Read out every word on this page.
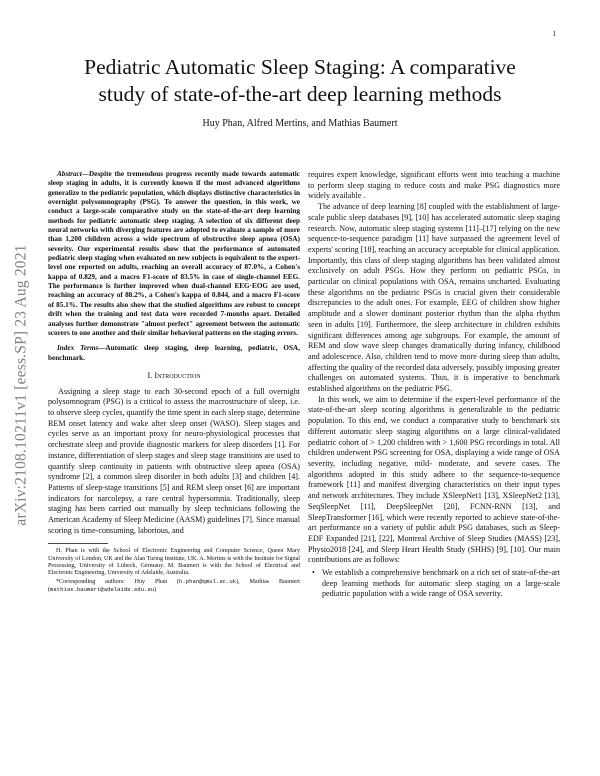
1
arXiv:2108.10211v1 [eess.SP] 23 Aug 2021
Pediatric Automatic Sleep Staging: A comparative
study of state-of-the-art deep learning methods
Huy Phan, Alfred Mertins, and Mathias Baumert

Abstract—Despite the tremendous progress recently made towards automatic sleep staging in adults, it is currently known if the most advanced algorithms generalize to the pediatric population, which displays distinctive characteristics in overnight polysomnography (PSG). To answer the question, in this work, we conduct a large-scale comparative study on the state-of-the-art deep learning methods for pediatric automatic sleep staging. A selection of six different deep neural networks with diverging features are adopted to evaluate a sample of more than 1,200 children across a wide spectrum of obstructive sleep apnea (OSA) severity. Our experimental results show that the performance of automated pediatric sleep staging when evaluated on new subjects is equivalent to the expert-level one reported on adults, reaching an overall accuracy of 87.0%, a Cohen's kappa of 0.829, and a macro F1-score of 83.5% in case of single-channel EEG. The performance is further improved when dual-channel EEG·EOG are used, reaching an accuracy of 88.2%, a Cohen's kappa of 0.844, and a macro F1-score of 85.1%. The results also show that the studied algorithms are robust to concept drift when the training and test data were recorded 7-months apart. Detailed analyses further demonstrate "almost perfect" agreement between the automatic scorers to one another and their similar behavioral patterns on the staging errors.

Index Terms—Automatic sleep staging, deep learning, pediatric, OSA, benchmark.

I. Introduction

Assigning a sleep stage to each 30-second epoch of a full overnight polysomnogram (PSG) is a critical to assess the macrostructure of sleep, i.e. to observe sleep cycles, quantify the time spent in each sleep stage, determine REM onset latency and wake after sleep onset (WASO). Sleep stages and cycles serve as an important proxy for neuro-physiological processes that orchestrate sleep and provide diagnostic markers for sleep disorders [1]. For instance, differentiation of sleep stages and sleep stage transitions are used to quantify sleep continuity in patients with obstructive sleep apnea (OSA) syndrome [2], a common sleep disorder in both adults [3] and children [4]. Patterns of sleep-stage transitions [5] and REM sleep onset [6] are important indicators for narcolepsy, a rare central hypersomnia. Traditionally, sleep staging has been carried out manually by sleep technicians following the American Academy of Sleep Medicine (AASM) guidelines [7]. Since manual scoring is time-consuming, laborious, and

H. Phan is with the School of Electronic Engineering and Computer Science, Queen Mary University of London, UK and the Alan Turing Institute, UK. A. Mertins is with the Institute for Signal Processing, University of Lübeck, Germany. M. Baumert is with the School of Electrical and Electronic Engineering, University of Adelaide, Australia.

*Corresponding authors: Huy Phan (h.phan@qmul.ac.uk), Mathias Baumert (mathias.baumert@adelaide.edu.au)

requires expert knowledge, significant efforts went into teaching a machine to perform sleep staging to reduce costs and make PSG diagnostics more widely available .

The advance of deep learning [8] coupled with the establishment of large-scale public sleep databases [9], [10] has accelerated automatic sleep staging research. Now, automatic sleep staging systems [11]–[17] relying on the new sequence-to-sequence paradigm [11] have surpassed the agreement level of experts' scoring [18], reaching an accuracy acceptable for clinical application. Importantly, this class of sleep staging algorithms has been validated almost exclusively on adult PSGs. How they perform on pediatric PSGs, in particular on clinical populations with OSA, remains uncharted. Evaluating these algorithms on the pediatric PSGs is crucial given their considerable discrepancies to the adult ones. For example, EEG of children show higher amplitude and a slower dominant posterior rhythm than the alpha rhythm seen in adults [19]. Furthermore, the sleep architecture in children exhibits significant differences among age subgroups. For example, the amount of REM and slow wave sleep changes dramatically during infancy, childhood and adolescence. Also, children tend to move more during sleep than adults, affecting the quality of the recorded data adversely, possibly imposing greater challenges on automated systems. Thus, it is imperative to benchmark established algorithms on the pediatric PSG.

In this work, we aim to determine if the expert-level performance of the state-of-the-art sleep scoring algorithms is generalizable to the pediatric population. To this end, we conduct a comparative study to benchmark six different automatic sleep staging algorithms on a large clinical-validated pediatric cohort of > 1,200 children with > 1,600 PSG recordings in total. All children underwent PSG screening for OSA, displaying a wide range of OSA severity, including negative, mild- moderate, and severe cases. The algorithms adopted in this study adhere to the sequence-to-sequence framework [11] and manifest diverging characteristics on their input types and network architectures. They include XSleepNet1 [13], XSleepNet2 [13], SeqSleepNet [11], DeepSleepNet [20], FCNN-RNN [13], and SleepTransformer [16], which were recently reported to achieve state-of-the-art performance on a variety of public adult PSG databases, such as Sleep-EDF Expanded [21], [22], Montreal Archive of Sleep Studies (MASS) [23], Physio2018 [24], and Sleep Heart Health Study (SHHS) [9], [10]. Our main contributions are as follows:

• We establish a comprehensive benchmark on a rich set of state-of-the-art deep learning methods for automatic sleep staging on a large-scale pediatric population with a wide range of OSA severity.
